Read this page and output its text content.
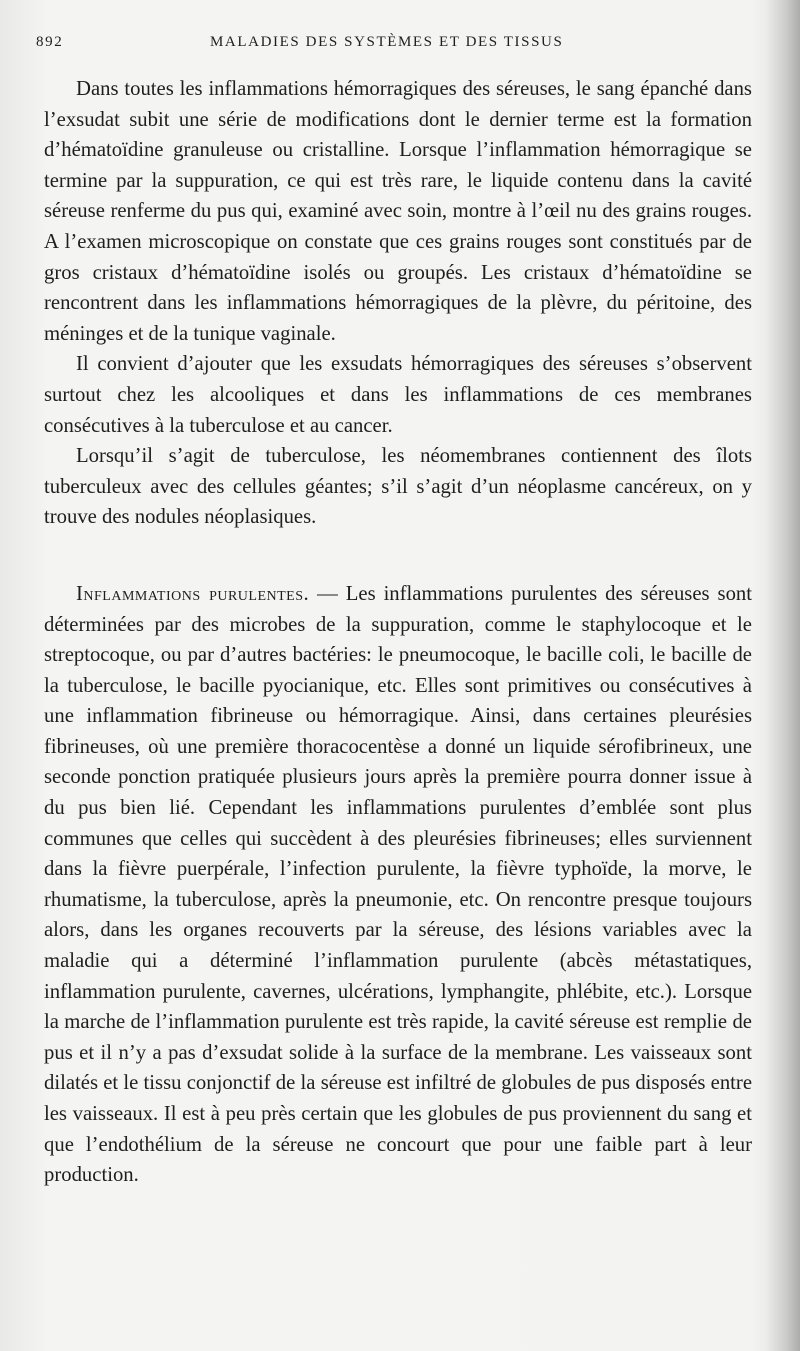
892	MALADIES DES SYSTÈMES ET DES TISSUS

Dans toutes les inflammations hémorragiques des séreuses, le sang épanché dans l’exsudat subit une série de modifications dont le dernier terme est la formation d’hématoïdine granuleuse ou cristalline. Lorsque l’inflammation hémorragique se termine par la suppuration, ce qui est très rare, le liquide contenu dans la cavité séreuse renferme du pus qui, examiné avec soin, montre à l’œil nu des grains rouges. A l’examen microscopique on constate que ces grains rouges sont constitués par de gros cristaux d’hématoïdine isolés ou groupés. Les cristaux d’hématoïdine se rencontrent dans les inflammations hémorragiques de la plèvre, du péritoine, des méninges et de la tunique vaginale.

Il convient d’ajouter que les exsudats hémorragiques des séreuses s’observent surtout chez les alcooliques et dans les inflammations de ces membranes consécutives à la tuberculose et au cancer.

Lorsqu’il s’agit de tuberculose, les néomembranes contiennent des îlots tuberculeux avec des cellules géantes; s’il s’agit d’un néoplasme cancéreux, on y trouve des nodules néoplasiques.

Inflammations purulentes. — Les inflammations purulentes des séreuses sont déterminées par des microbes de la suppuration, comme le staphylocoque et le streptocoque, ou par d’autres bactéries: le pneumocoque, le bacille coli, le bacille de la tuberculose, le bacille pyocianique, etc. Elles sont primitives ou consécutives à une inflammation fibrineuse ou hémorragique. Ainsi, dans certaines pleurésies fibrineuses, où une première thoracocentèse a donné un liquide sérofibrineux, une seconde ponction pratiquée plusieurs jours après la première pourra donner issue à du pus bien lié. Cependant les inflammations purulentes d’emblée sont plus communes que celles qui succèdent à des pleurésies fibrineuses; elles surviennent dans la fièvre puerpérale, l’infection purulente, la fièvre typhoïde, la morve, le rhumatisme, la tuberculose, après la pneumonie, etc. On rencontre presque toujours alors, dans les organes recouverts par la séreuse, des lésions variables avec la maladie qui a déterminé l’inflammation purulente (abcès métastatiques, inflammation purulente, cavernes, ulcérations, lymphangite, phlébite, etc.). Lorsque la marche de l’inflammation purulente est très rapide, la cavité séreuse est remplie de pus et il n’y a pas d’exsudat solide à la surface de la membrane. Les vaisseaux sont dilatés et le tissu conjonctif de la séreuse est infiltré de globules de pus disposés entre les vaisseaux. Il est à peu près certain que les globules de pus proviennent du sang et que l’endothélium de la séreuse ne concourt que pour une faible part à leur production.
